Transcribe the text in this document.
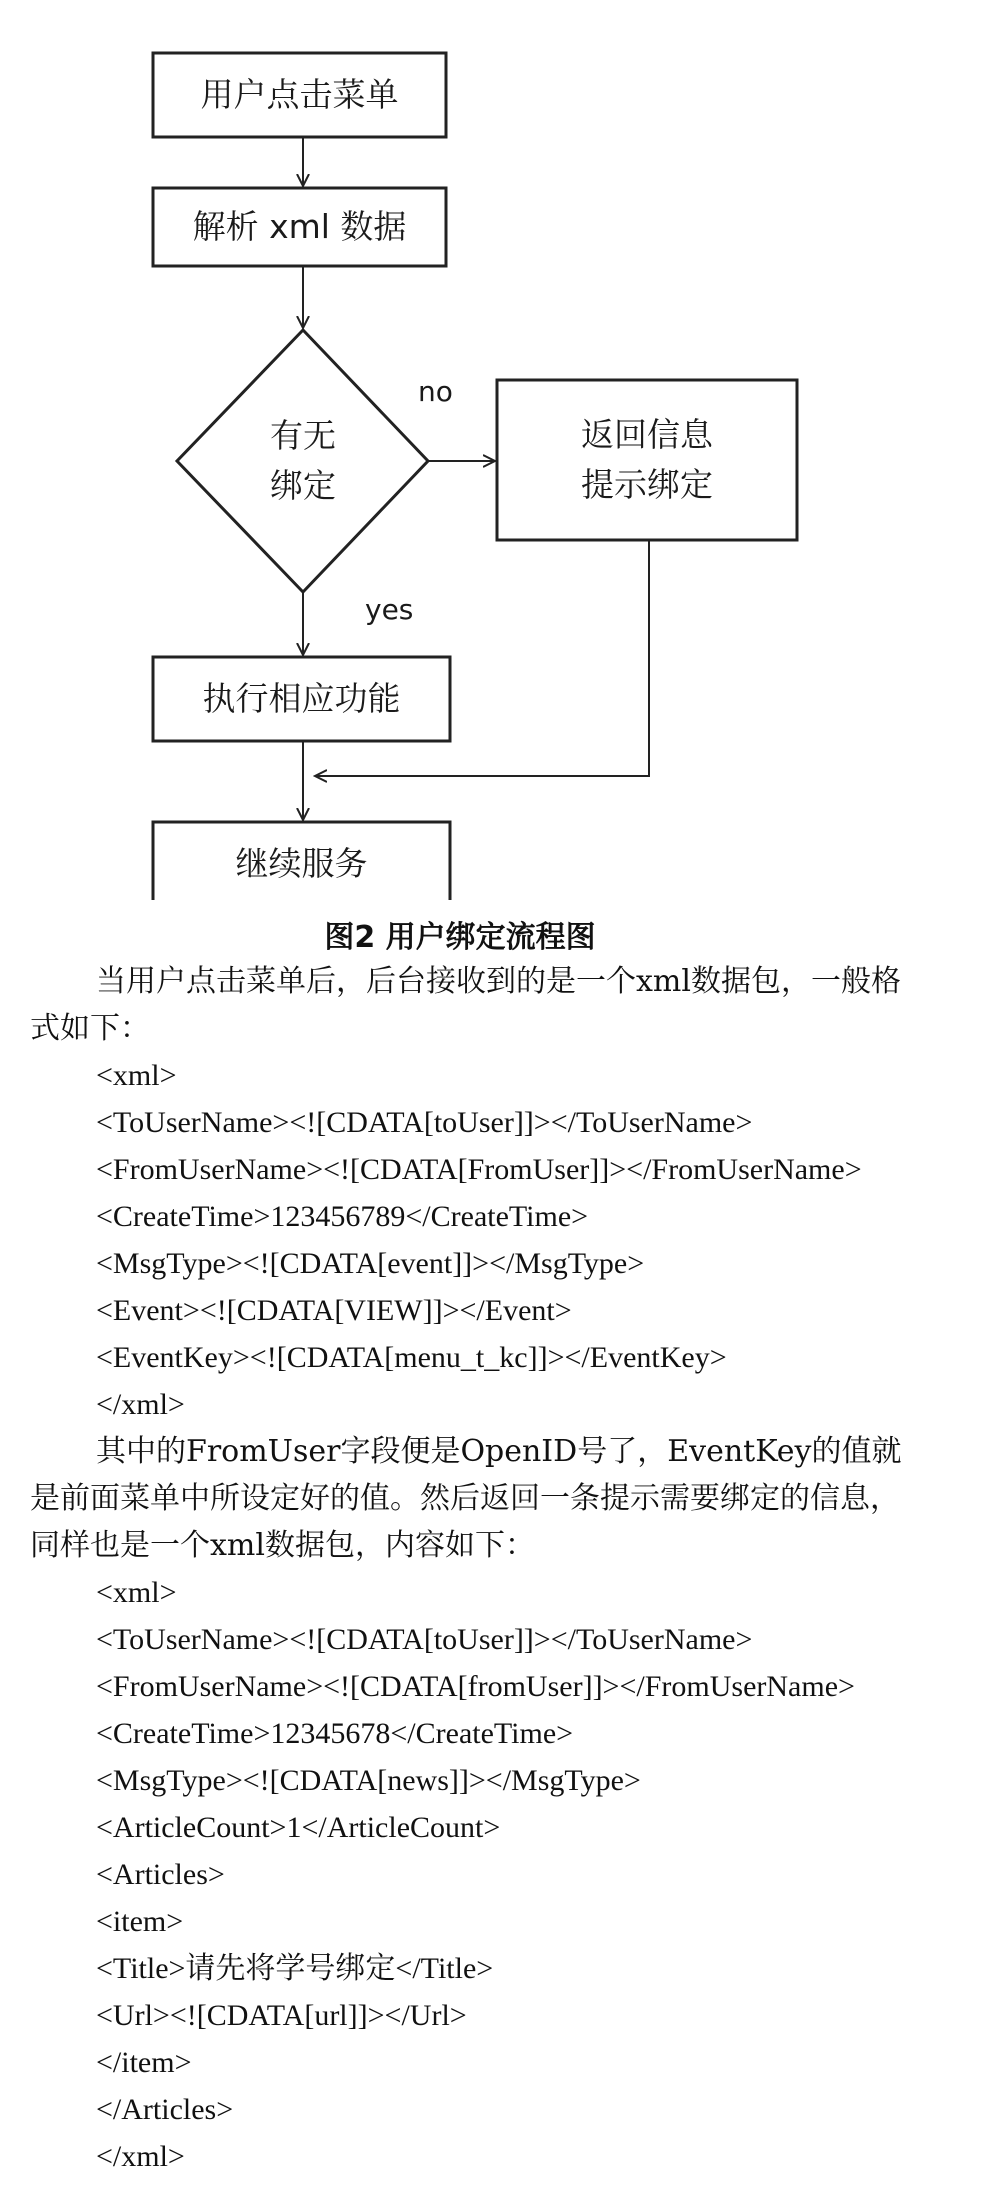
用户点击菜单
解析 xml 数据
有无
绑定
返回信息
提示绑定
执行相应功能
继续服务
no
yes
图2 用户绑定流程图

当用户点击菜单后，后台接收到的是一个xml数据包，一般格式如下：

<xml>

<ToUserName><![CDATA[toUser]]></ToUserName>

<FromUserName><![CDATA[FromUser]]></FromUserName>

<CreateTime>123456789</CreateTime>

<MsgType><![CDATA[event]]></MsgType>

<Event><![CDATA[VIEW]]></Event>

<EventKey><![CDATA[menu_t_kc]]></EventKey>

</xml>

其中的FromUser字段便是OpenID号了，EventKey的值就是前面菜单中所设定好的值。然后返回一条提示需要绑定的信息，同样也是一个xml数据包，内容如下：

<xml>

<ToUserName><![CDATA[toUser]]></ToUserName>

<FromUserName><![CDATA[fromUser]]></FromUserName>

<CreateTime>12345678</CreateTime>

<MsgType><![CDATA[news]]></MsgType>

<ArticleCount>1</ArticleCount>

<Articles>

<item>

<Title>请先将学号绑定</Title>

<Url><![CDATA[url]]></Url>

</item>

</Articles>

</xml>
